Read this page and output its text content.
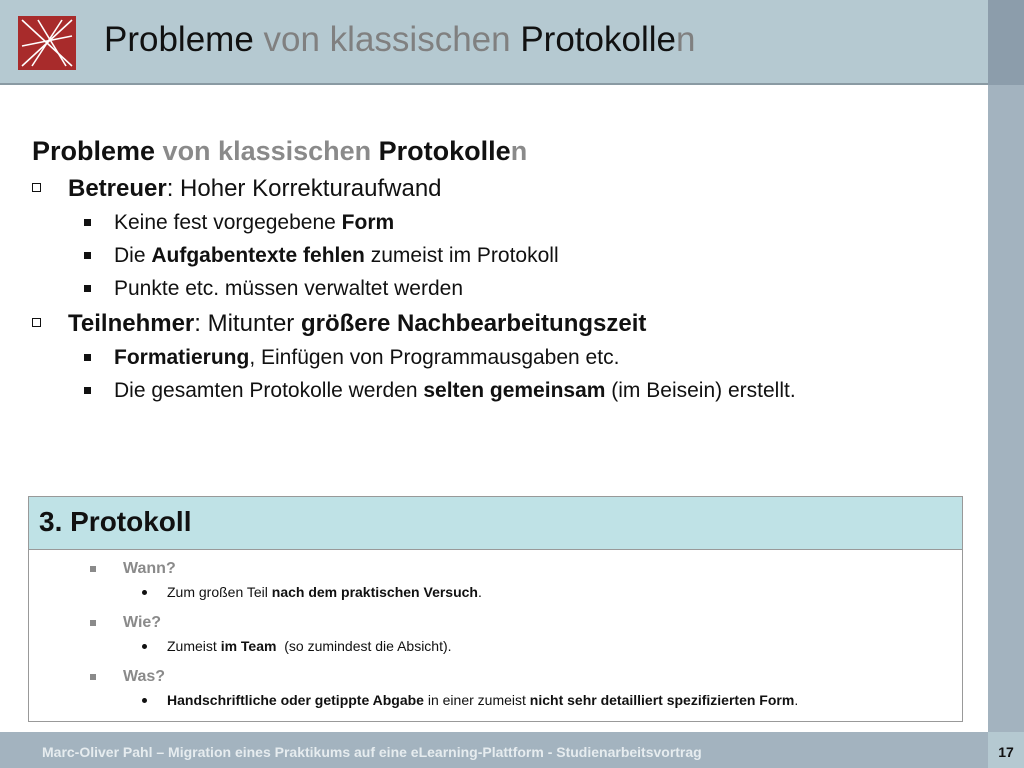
Probleme von klassischen Protokollen
Probleme von klassischen Protokollen
Betreuer: Hoher Korrekturaufwand
Keine fest vorgegebene Form
Die Aufgabentexte fehlen zumeist im Protokoll
Punkte etc. müssen verwaltet werden
Teilnehmer: Mitunter größere Nachbearbeitungszeit
Formatierung, Einfügen von Programmausgaben etc.
Die gesamten Protokolle werden selten gemeinsam (im Beisein) erstellt.
3. Protokoll
Wann?
Zum großen Teil nach dem praktischen Versuch.
Wie?
Zumeist im Team  (so zumindest die Absicht).
Was?
Handschriftliche oder getippte Abgabe in einer zumeist nicht sehr detailliert spezifizierten Form.
Marc-Oliver Pahl – Migration eines Praktikums auf eine eLearning-Plattform - Studienarbeitsvortrag	17
